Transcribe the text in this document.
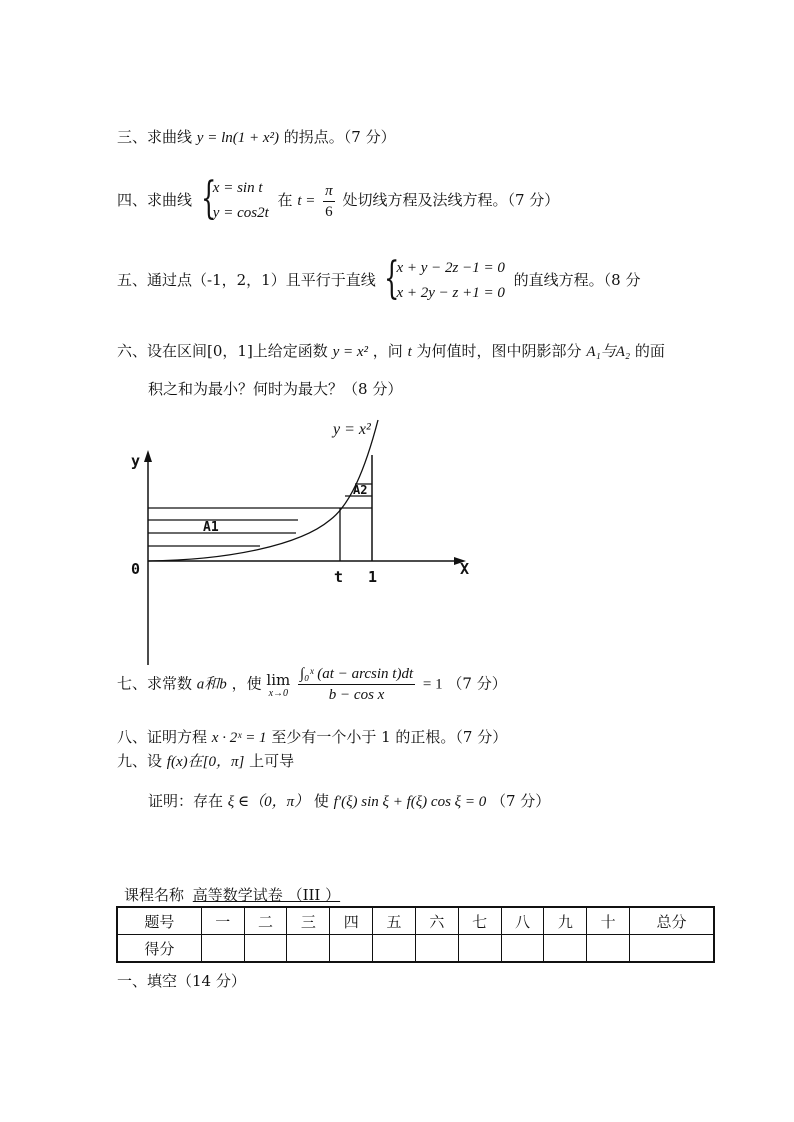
三、求曲线 y = ln(1 + x²) 的拐点。（7 分）
四、求曲线 {
x = sin t
y = cos2t
在 $t = \frac{\pi}{6}$ 处切线方程及法线方程。（7 分）
五、通过点（-1，2，1）且平行于直线 {
x + y − 2z −1 = 0
x + 2y − z +1 = 0
的直线方程。（8 分
六、设在区间[0，1]上给定函数 y = x² ，问 t 为何值时，图中阴影部分 A₁与A₂ 的面
积之和为最小？何时为最大？（8 分）
y = x²
y
X
0	t 1
A1
A2
七、求常数 a和b ，使 lim
x→0
$\frac{\text{∫₀ˣ (at − arcsin t)dt}}{\text{b − cos x}} = 1$ （7 分）
八、证明方程 x · 2ˣ = 1 至少有一个小于 1 的正根。（7 分）
九、设 f(x)在[0，π] 上可导
证明：存在 ξ ∈（0，π） 使 f′(ξ) sin ξ + f(ξ) cos ξ = 0 （7 分）
课程名称 高等数学试卷 （III ）
题号	一	二	三	四	五	六	七	八	九	十	总分
得分											
一、填空（14 分）
